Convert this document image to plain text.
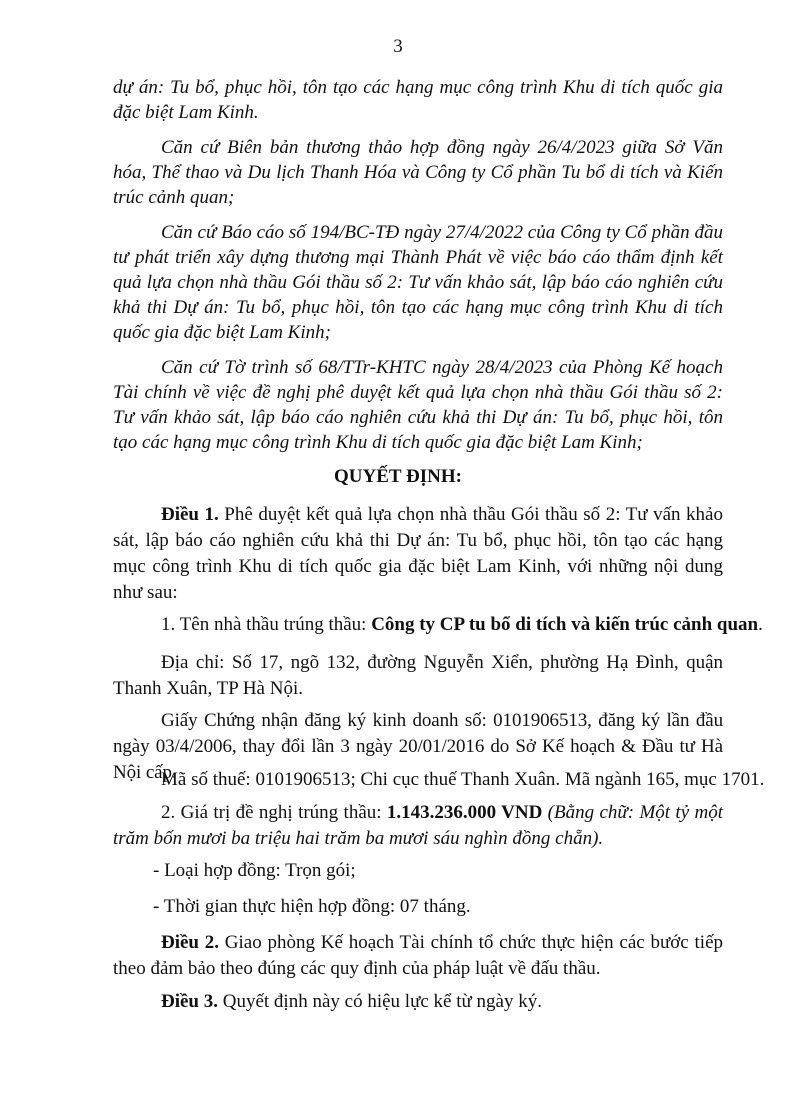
3
dự án: Tu bổ, phục hồi, tôn tạo các hạng mục công trình Khu di tích quốc gia đặc biệt Lam Kinh.
Căn cứ Biên bản thương thảo hợp đồng ngày 26/4/2023 giữa Sở Văn hóa, Thể thao và Du lịch Thanh Hóa và Công ty Cổ phần Tu bổ di tích và Kiến trúc cảnh quan;
Căn cứ Báo cáo số 194/BC-TĐ ngày 27/4/2022 của Công ty Cổ phần đầu tư phát triển xây dựng thương mại Thành Phát về việc báo cáo thẩm định kết quả lựa chọn nhà thầu Gói thầu số 2: Tư vấn khảo sát, lập báo cáo nghiên cứu khả thi Dự án: Tu bổ, phục hồi, tôn tạo các hạng mục công trình Khu di tích quốc gia đặc biệt Lam Kinh;
Căn cứ Tờ trình số 68/TTr-KHTC ngày 28/4/2023 của Phòng Kế hoạch Tài chính về việc đề nghị phê duyệt kết quả lựa chọn nhà thầu Gói thầu số 2: Tư vấn khảo sát, lập báo cáo nghiên cứu khả thi Dự án: Tu bổ, phục hồi, tôn tạo các hạng mục công trình Khu di tích quốc gia đặc biệt Lam Kinh;
QUYẾT ĐỊNH:
Điều 1. Phê duyệt kết quả lựa chọn nhà thầu Gói thầu số 2: Tư vấn khảo sát, lập báo cáo nghiên cứu khả thi Dự án: Tu bổ, phục hồi, tôn tạo các hạng mục công trình Khu di tích quốc gia đặc biệt Lam Kinh, với những nội dung như sau:
1. Tên nhà thầu trúng thầu: Công ty CP tu bổ di tích và kiến trúc cảnh quan.
Địa chỉ: Số 17, ngõ 132, đường Nguyễn Xiển, phường Hạ Đình, quận Thanh Xuân, TP Hà Nội.
Giấy Chứng nhận đăng ký kinh doanh số: 0101906513, đăng ký lần đầu ngày 03/4/2006, thay đổi lần 3 ngày 20/01/2016 do Sở Kế hoạch & Đầu tư Hà Nội cấp.
Mã số thuế: 0101906513; Chi cục thuế Thanh Xuân. Mã ngành 165, mục 1701.
2. Giá trị đề nghị trúng thầu: 1.143.236.000 VND (Bằng chữ: Một tỷ một trăm bốn mươi ba triệu hai trăm ba mươi sáu nghìn đồng chẵn).
- Loại hợp đồng: Trọn gói;
- Thời gian thực hiện hợp đồng: 07 tháng.
Điều 2. Giao phòng Kế hoạch Tài chính tổ chức thực hiện các bước tiếp theo đảm bảo theo đúng các quy định của pháp luật về đấu thầu.
Điều 3. Quyết định này có hiệu lực kể từ ngày ký.
